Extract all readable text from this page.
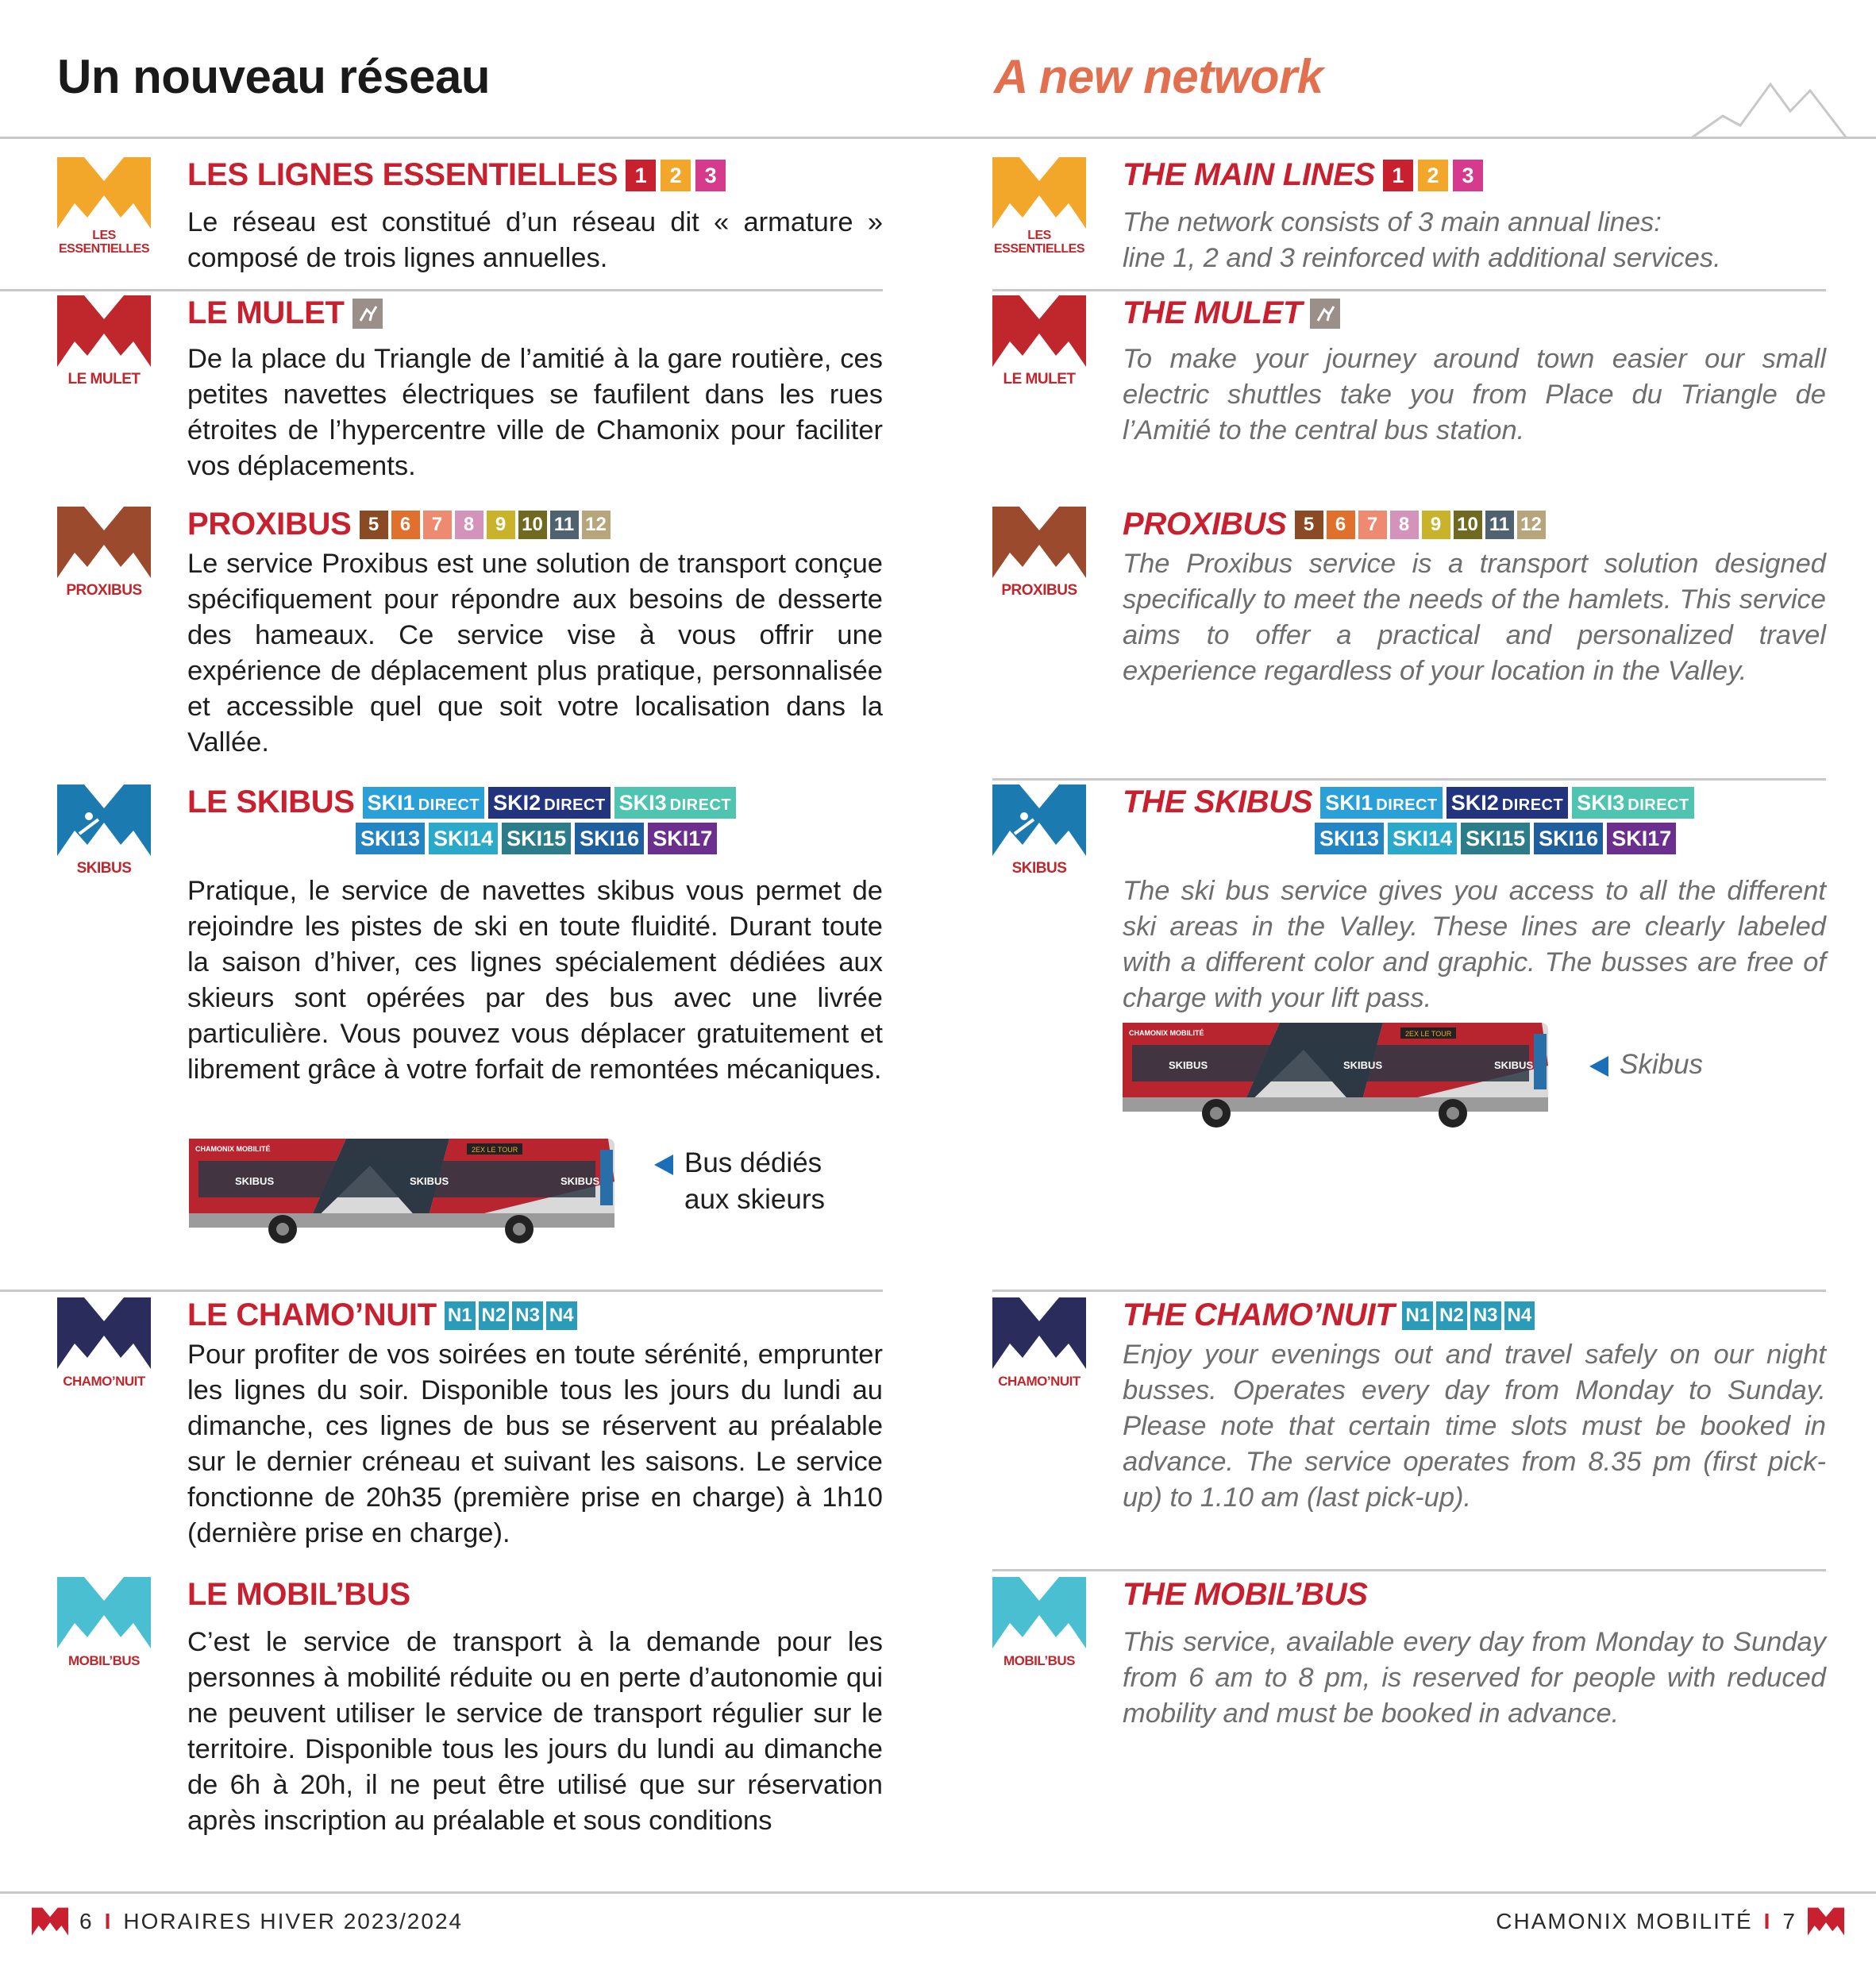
Un nouveau réseau	A new network
LES
ESSENTIELLES
LES LIGNES ESSENTIELLES 1	2	3
Le réseau est constitué d’un réseau dit « armature » composé de trois lignes annuelles.
LE MULET
LE MULET
De la place du Triangle de l’amitié à la gare routière, ces petites navettes électriques se faufilent dans les rues étroites de l’hypercentre ville de Chamonix pour faciliter vos déplacements.
PROXIBUS
PROXIBUS 5	6	7	8	9 10 11 12
Le service Proxibus est une solution de transport conçue spécifiquement pour répondre aux besoins de desserte des hameaux. Ce service vise à vous offrir une expérience de déplacement plus pratique, personnalisée et accessible quel que soit votre localisation dans la Vallée.
SKIBUS
LE SKIBUS SKI1 DIRECT SKI2 DIRECT SKI3 DIRECT
SKI13 SKI14 SKI15 SKI16 SKI17
Pratique, le service de navettes skibus vous permet de rejoindre les pistes de ski en toute fluidité. Durant toute la saison d’hiver, ces lignes spécialement dédiées aux skieurs sont opérées par des bus avec une livrée particulière. Vous pouvez vous déplacer gratuitement et librement grâce à votre forfait de remontées mécaniques.
SKIBUS	SKIBUS	SKIBUS
CHAMONIX MOBILITÉ	2EX LE TOUR	Bus dédiés
aux skieurs
CHAMO’NUIT
LE CHAMO’NUIT N1 N2 N3 N4
Pour profiter de vos soirées en toute sérénité, emprunter les lignes du soir. Disponible tous les jours du lundi au dimanche, ces lignes de bus se réservent au préalable sur le dernier créneau et suivant les saisons. Le service fonctionne de 20h35 (première prise en charge) à 1h10 (dernière prise en charge).
MOBIL’BUS
LE MOBIL’BUS
C’est le service de transport à la demande pour les personnes à mobilité réduite ou en perte d’autonomie qui ne peuvent utiliser le service de transport régulier sur le territoire. Disponible tous les jours du lundi au dimanche de 6h à 20h, il ne peut être utilisé que sur réservation après inscription au préalable et sous conditions
LES
ESSENTIELLES
THE MAIN LINES 1	2	3
The network consists of 3 main annual lines:
line 1, 2 and 3 reinforced with additional services.
LE MULET
THE MULET
To make your journey around town easier our small electric shuttles take you from Place du Triangle de l’Amitié to the central bus station.
PROXIBUS
PROXIBUS 5	6	7	8	9 10 11 12
The Proxibus service is a transport solution designed specifically to meet the needs of the hamlets. This service aims to offer a practical and personalized travel experience regardless of your location in the Valley.
SKIBUS
THE SKIBUS SKI1 DIRECT SKI2 DIRECT SKI3 DIRECT
SKI13 SKI14 SKI15 SKI16 SKI17
The ski bus service gives you access to all the different ski areas in the Valley. These lines are clearly labeled with a different color and graphic. The busses are free of charge with your lift pass.
SKIBUS	SKIBUS	SKIBUS
CHAMONIX MOBILITÉ	2EX LE TOUR
Skibus
CHAMO’NUIT
THE CHAMO’NUIT N1 N2 N3 N4
Enjoy your evenings out and travel safely on our night busses. Operates every day from Monday to Sunday. Please note that certain time slots must be booked in advance. The service operates from 8.35 pm (first pick-up) to 1.10 am (last pick-up).
MOBIL’BUS
THE MOBIL’BUS
This service, available every day from Monday to Sunday from 6 am to 8 pm, is reserved for people with reduced mobility and must be booked in advance.
6 I HORAIRES HIVER 2023/2024	CHAMONIX MOBILITÉ I 7
